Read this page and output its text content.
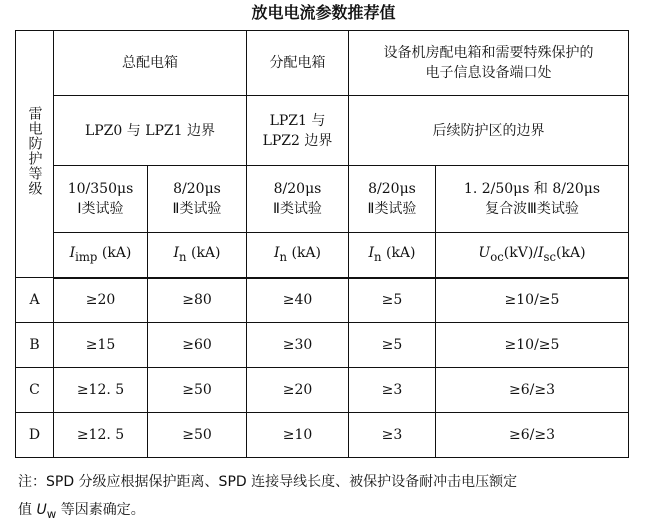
放电电流参数推荐值
雷电防护等级	总配电箱		分配电箱	设备机房配电箱和需要特殊保护的
电子信息设备端口处	

	LPZ0 与 LPZ1 边界		LPZ1 与
LPZ2 边界	后续防护区的边界	

	10/350μs
Ⅰ类试验	8/20μs
Ⅱ类试验	8/20μs
Ⅱ类试验	8/20μs
Ⅱ类试验	1. 2/50μs 和 8/20μs
复合波Ⅲ类试验

	$I_{imp}$ (kA)	$I_n$ (kA)	$I_n$ (kA)	$I_n$ (kA)	$U_{oc}(kV)/I_{sc}(kA)$
A	≥20	≥80	≥40	≥5	≥10/≥5
B	≥15	≥60	≥30	≥5	≥10/≥5
C	≥12. 5	≥50	≥20	≥3	≥6/≥3
D	≥12. 5	≥50	≥10	≥3	≥6/≥3
注：SPD 分级应根据保护距离、SPD 连接导线长度、被保护设备耐冲击电压额定
值 $U_w$ 等因素确定。
